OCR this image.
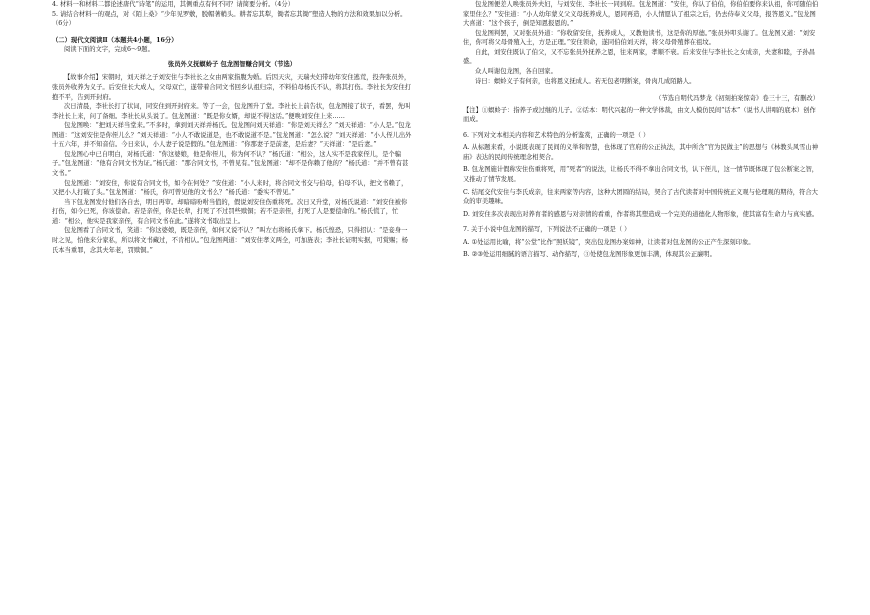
4. 材料一和材料二都论述唐代“诗笔”的运用，其侧重点有何不同？请简要分析。（4分）

5. 请结合材料一的观点，对《陌上桑》“少年见罗敷，脱帽著帩头。耕者忘其犁，锄者忘其锄”塑造人物的方法和效果加以分析。（6分）

（二）现代文阅读Ⅱ（本题共4小题，16分）

阅读下面的文字，完成6～9题。

张员外义抚螟蛉子 包龙图智赚合同文（节选）

【故事介绍】宋朝时，刘天祥之子刘安住与李社长之女由两家指腹为婚。后因天灾，天瑞夫妇带幼年安住逃荒，投奔张员外，张员外收养为义子。后安住长大成人，父母双亡，遂带着合同文书回乡认祖归宗，不料伯母杨氏不认，将其打伤。李社长为安住打抱不平，告到开封府。

次日清晨，李社长打了状词，同安住到开封府来。等了一会，包龙图升了堂。李社长上前告状，包龙图接了状子，看罢，先叫李社长上来，问了备细。李社长从头说了。包龙图道：“既是你女婿，却说不得这话。”便唤刘安住上来……

包龙图唤：“把刘天祥当堂来。”不多时，拿到刘天祥并杨氏。包龙图问刘天祥道：“你是刘天祥么？”刘天祥道：“小人是。”包龙图道：“这刘安住是你侄儿么？”刘天祥道：“小人不敢说道是，也不敢说道不是。”包龙图道：“怎么说？”刘天祥道：“小人侄儿出外十五六年，并不知音信。今日来认，小人妻子说是假的。”包龙图道：“你那妻子是前妻，是后妻？”天祥道：“是后妻。”

包龙图心中已自明白，对杨氏道：“你这婆娘，他是你侄儿，你为何不认？”杨氏道：“相公，这人实不是我家侄儿，是个骗子。”包龙图道：“他有合同文书为证。”杨氏道：“那合同文书，不曾见有。”包龙图道：“却不是你赖了他的？”杨氏道：“并不曾有甚文书。”

包龙图道：“刘安住，你说有合同文书，如今在何处？”安住道：“小人来时，将合同文书交与伯母，伯母不认，把文书赖了，又把小人打破了头。”包龙图道：“杨氏，你可曾见他的文书么？”杨氏道：“委实不曾见。”

当下包龙图发付他们各自去，明日再审。却暗暗吩咐当值的，假说刘安住伤重将死。次日又升堂，对杨氏说道：“刘安住被你打伤，如今已死，你该偿命。若是亲侄，你是长辈，打死了不过罚些赎铜；若不是亲侄，打死了人是要偿命的。”杨氏慌了，忙道：“相公，他实是我家亲侄，有合同文书在此。”遂将文书取出呈上。

包龙图看了合同文书，笑道：“你这婆娘，既是亲侄，如何又说不认？”叫左右将杨氏拿下。杨氏惶恐，只得招认：“是妾身一时之见，怕他来分家私，所以将文书藏过，不肯相认。”包龙图判道：“刘安住孝义两全，可加旌表；李社长证明实据，可赏赐；杨氏本当重罪，念其夫年老，罚赎铜。”

包龙图便差人唤张员外夫妇，与刘安住、李社长一同到府。包龙图道：“安住，你认了伯伯，你伯伯要你来认祖，你可随伯伯家里住么？”安住道：“小人幼年蒙义父义母抚养成人，恩同再造，小人情愿认了祖宗之后，仍去侍奉义父母，报答恩义。”包龙图大喜道：“这个孩子，倒是知恩报恩的。”

包龙图判罢，又对张员外道：“你收留安住，抚养成人，又教他读书，这是你的厚德。”张员外叩头谢了。包龙图又道：“刘安住，你可将父母骨殖入土，方是正理。”安住领命，遂同伯伯刘天祥，将父母骨殖葬在祖坟。

自此，刘安住既认了伯父，又不忘张员外抚养之恩，往来两家，孝顺不衰。后来安住与李社长之女成亲，夫妻和睦，子孙昌盛。

众人叫谢包龙图，各自回家。

诗曰：螟蛉义子有何亲，也将恩义抚成人。若无包老明断案，骨肉几成陌路人。

（节选自明代冯梦龙《初刻拍案惊奇》卷三十三，有删改）

【注】①螟蛉子：指养子或过继的儿子。②话本：明代兴起的一种文学体裁，由文人模仿民间“话本”（说书人讲唱的底本）创作而成。

6. 下列对文本相关内容和艺术特色的分析鉴赏，正确的一项是（ ）

A. 从标题来看，小说既表现了民间的义举和智慧，也体现了官府的公正执法，其中所含“官为民做主”的思想与《林教头风雪山神庙》表达的民间传统理念相契合。

B. 包龙图施计假称安住伤重将死，用“死者”的说法，让杨氏不得不拿出合同文书，认下侄儿，这一情节既体现了包公断案之智，又推动了情节发展。

C. 结尾交代安住与李氏成亲，往来两家等内容，这种大团圆的结局，契合了古代读者对中国传统正义观与伦理观的期待，符合大众的审美趣味。

D. 刘安住多次表现出对养育者的感恩与对亲情的看重，作者将其塑造成一个完美的道德化人物形象，使其富有生命力与真实感。

7. 关于小说中包龙图的描写，下列说法不正确的一项是（ ）

A. ①处运用比喻，将“公堂”比作“照妖镜”，突出包龙图办案如神，让读者对包龙图的公正产生深刻印象。

B. ②③处运用细腻的语言描写、动作描写，③处使包龙图形象更加丰满，体现其公正廉明。
